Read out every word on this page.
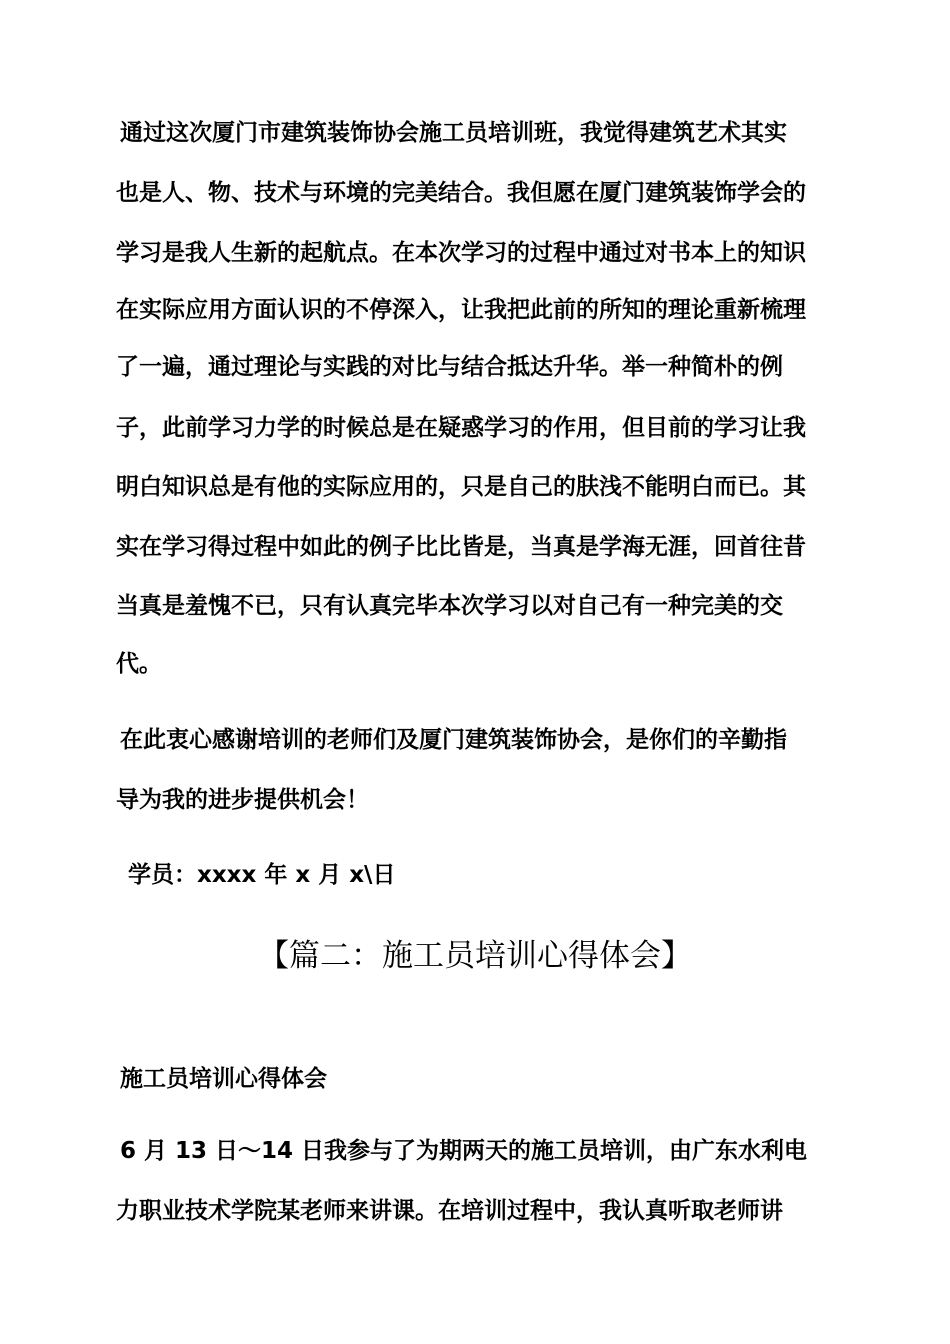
通过这次厦门市建筑装饰协会施工员培训班，我觉得建筑艺术其实

也是人、物、技术与环境的完美结合。我但愿在厦门建筑装饰学会的

学习是我人生新的起航点。在本次学习的过程中通过对书本上的知识

在实际应用方面认识的不停深入，让我把此前的所知的理论重新梳理

了一遍，通过理论与实践的对比与结合抵达升华。举一种简朴的例

子，此前学习力学的时候总是在疑惑学习的作用，但目前的学习让我

明白知识总是有他的实际应用的，只是自己的肤浅不能明白而已。其

实在学习得过程中如此的例子比比皆是，当真是学海无涯，回首往昔

当真是羞愧不已，只有认真完毕本次学习以对自己有一种完美的交

代。

在此衷心感谢培训的老师们及厦门建筑装饰协会，是你们的辛勤指

导为我的进步提供机会！

学员：xxxx 年 x 月 x\日

【篇二：施工员培训心得体会】

施工员培训心得体会

6 月 13 日～14 日我参与了为期两天的施工员培训，由广东水利电

力职业技术学院某老师来讲课。在培训过程中，我认真听取老师讲
